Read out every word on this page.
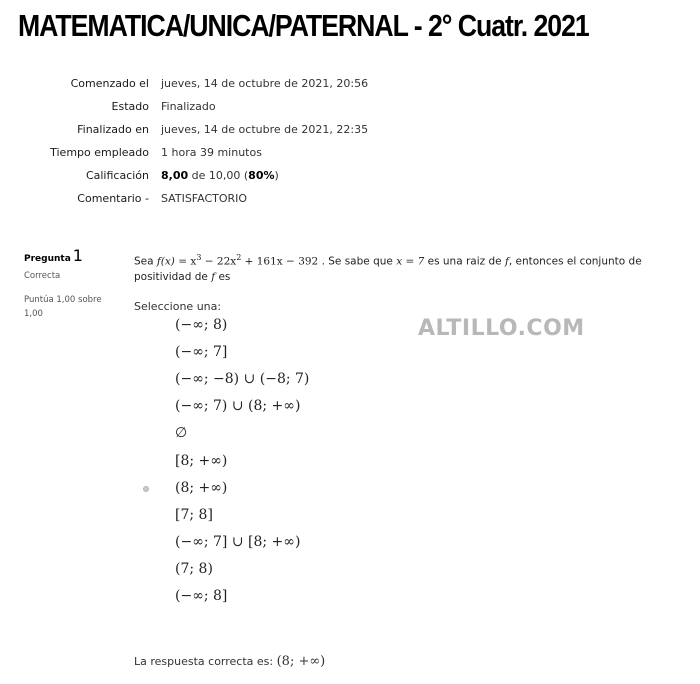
MATEMATICA/UNICA/PATERNAL - 2° Cuatr. 2021
Comenzado el jueves, 14 de octubre de 2021, 20:56
Estado Finalizado
Finalizado en jueves, 14 de octubre de 2021, 22:35
Tiempo empleado 1 hora 39 minutos
Calificación 8,00 de 10,00 (80%)
Comentario - SATISFACTORIO
Pregunta 1
Correcta
Puntúa 1,00 sobre 1,00
Sea $f(x) = x^3 - 22x^2 + 161x - 392$ . Se sabe que x = 7 es una raiz de f, entonces el conjunto de positividad de f es
Seleccione una:
(−∞; 8)
(−∞; 7]
(−∞; −8) ∪ (−8; 7)
(−∞; 7) ∪ (8; +∞)
∅
[8; +∞)
(8; +∞)
[7; 8]
(−∞; 7] ∪ [8; +∞)
(7; 8)
(−∞; 8]
ALTILLO.COM
La respuesta correcta es: (8; +∞)
